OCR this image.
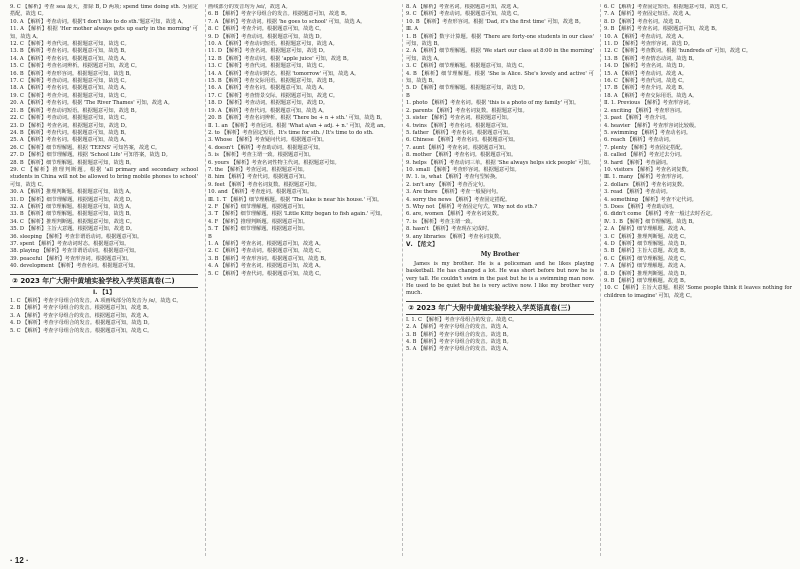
9. C 【解析】考查 sea 最大，排除 B, D 两项; spend time doing sth. 为固定搭配，故选 C。

10. A 【解析】考查动词。根据'I don't like to do sth.'题意可知，故选 A。

11. A 【解析】根据 'Her mother always gets up early in the morning' 可知，故选 A。

12. C 【解析】考查代词。根据题意可知，故选 C。

13. B 【解析】考查名词。根据题意可知，故选 B。

14. A 【解析】考查名词。根据题意可知，故选 A。

15. C 【解析】考查名词辨析。根据题意可知，故选 C。

16. B 【解析】考查形容词。根据题意可知，故选 B。

17. C 【解析】考查动词。根据题意可知，故选 C。

18. A 【解析】考查名词。根据题意可知，故选 A。

19. C 【解析】考查介词。根据题意可知，故选 C。

20. A 【解析】考查名词。根据 'The River Thames' 可知，故选 A。

21. B 【解析】考查动词短语。根据题意可知，故选 B。

22. C 【解析】考查动词。根据题意可知，故选 C。

23. D 【解析】考查名词。根据题意可知，故选 D。

24. B 【解析】考查代词。根据题意可知，故选 B。

25. A 【解析】考查名词。根据题意可知，故选 A。

26. C 【解析】细节理解题。根据 'TEENS' 可知答案，故选 C。

27. D 【解析】细节理解题。根据 'School Life' 可知答案，故选 D。

28. B 【解析】细节理解题。根据题意可知，故选 B。

29. C 【解析】推理判断题。根据 'all primary and secondary school students in China will not be allowed to bring mobile phones to school' 可知，故选 C。

30. A 【解析】推理判断题。根据题意可知，故选 A。

31. D 【解析】细节理解题。根据题意可知，故选 D。

32. A 【解析】细节理解题。根据题意可知，故选 A。

33. B 【解析】细节理解题。根据题意可知，故选 B。

34. C 【解析】推理判断题。根据题意可知，故选 C。

35. D 【解析】主旨大意题。根据题意可知，故选 D。

36. sleeping 【解析】考查非谓语动词。根据题意可知。

37. spent 【解析】考查动词时态。根据题意可知。

38. playing 【解析】考查非谓语动词。根据题意可知。

39. peaceful 【解析】考查形容词。根据题意可知。

40. development 【解析】考查名词。根据题意可知。

② 2023 年广大附中黄埔实验学校入学英语真卷(二)
Ⅰ. 【1】

1. C 【解析】考查字母组合的发音。A 项画线部分的发音为 /e/，故选 C。

2. B 【解析】考查字母组合的发音。根据题意可知，故选 B。

3. A 【解析】考查字母组合的发音。根据题意可知，故选 A。

4. D 【解析】考查字母组合的发音。根据题意可知，故选 D。

5. C 【解析】考查字母组合的发音。根据题意可知，故选 C。

画线部分的发音均为 /ei/，故选 A。

6. B 【解析】考查字母组合的发音。根据题意可知，故选 B。

7. A 【解析】考查动词。根据 'he goes to school' 可知，故选 A。

8. C 【解析】考查介词。根据题意可知，故选 C。

9. D 【解析】考查动词。根据题意可知，故选 D。

10. A 【解析】考查动词短语。根据题意可知，故选 A。

11. D 【解析】考查名词。根据题意可知，故选 D。

12. B 【解析】考查动词。根据 'apple juice' 可知，故选 B。

13. C 【解析】考查代词。根据题意可知，故选 C。

14. A 【解析】考查动词时态。根据 'tomorrow' 可知，故选 A。

15. B 【解析】考查交际用语。根据题意可知，故选 B。

16. A 【解析】考查名词。根据题意可知，故选 A。

17. C 【解析】考查情景交际。根据题意可知，故选 C。

18. D 【解析】考查动词。根据题意可知，故选 D。

19. A 【解析】考查代词。根据题意可知，故选 A。

20. B 【解析】考查名词辨析。根据 'There be + n + sth.' 可知，故选 B。

Ⅱ. 1. an 【解析】考查冠词。根据 'What a/an + adj. + n.' 可知，故选 an。

2. to 【解析】考查固定短语。It's time for sth. / It's time to do sth.

3. Whose 【解析】考查疑问代词。根据题意可知。

4. doesn't 【解析】考查助动词。根据题意可知。

5. is 【解析】考查主谓一致。根据题意可知。

6. yours 【解析】考查名词性物主代词。根据题意可知。

7. the 【解析】考查冠词。根据题意可知。

8. him 【解析】考查代词。根据题意可知。

9. feet 【解析】考查名词复数。根据题意可知。

10. and 【解析】考查连词。根据题意可知。

Ⅲ. 1. T 【解析】细节理解题。根据 'The lake is near his house.' 可知。

2. F 【解析】细节理解题。根据题意可知。

3. T 【解析】细节理解题。根据 'Little Kitty began to fish again.' 可知。

4. F 【解析】推理判断题。根据题意可知。

5. T 【解析】细节理解题。根据题意可知。

B

1. A 【解析】考查名词。根据题意可知，故选 A。

2. C 【解析】考查动词。根据题意可知，故选 C。

3. B 【解析】考查形容词。根据题意可知，故选 B。

4. A 【解析】考查名词。根据题意可知，故选 A。

5. C 【解析】考查代词。根据题意可知，故选 C。

8. A 【解析】考查名词。根据题意可知，故选 A。

9. C 【解析】考查动词。根据题意可知，故选 C。

10. B 【解析】考查形容词。根据 'Dad, it's the first time' 可知，故选 B。

Ⅲ. A

1. B 【解析】数字计算题。根据 'There are forty-one students in our class' 可知，故选 B。

2. A 【解析】细节理解题。根据 'We start our class at 8:00 in the morning' 可知，故选 A。

3. C 【解析】细节理解题。根据题意可知，故选 C。

4. B 【解析】细节理解题。根据 'She is Alice. She's lovely and active' 可知，故选 B。

5. D 【解析】细节理解题。根据题意可知，故选 D。

B

1. photo 【解析】考查名词。根据 'this is a photo of my family' 可知。

2. parents 【解析】考查名词复数。根据题意可知。

3. sister 【解析】考查名词。根据题意可知。

4. twins 【解析】考查名词。根据题意可知。

5. father 【解析】考查名词。根据题意可知。

6. Chinese 【解析】考查名词。根据题意可知。

7. aunt 【解析】考查名词。根据题意可知。

8. mother 【解析】考查名词。根据题意可知。

9. helps 【解析】考查动词三单。根据 'She always helps sick people' 可知。

10. small 【解析】考查形容词。根据题意可知。

Ⅳ. 1. is, what 【解析】考查句型转换。

2. isn't any 【解析】考查否定句。

3. Are there 【解析】考查一般疑问句。

4. sorry the news 【解析】考查固定搭配。

5. Why not 【解析】考查固定句式。Why not do sth.?

6. are, women 【解析】考查名词复数。

7. is 【解析】考查主谓一致。

8. hasn't 【解析】考查现在完成时。

9. any libraries 【解析】考查名词复数。

Ⅴ. 【范文】
My Brother

James is my brother. He is a policeman and he likes playing basketball. He has changed a lot. He was short before but now he is very tall. He couldn't swim in the past but he is a swimming man now. He used to be quiet but he is very active now. I like my brother very much.

② 2023 年广大附中黄埔实验学校入学英语真卷(三)

Ⅰ. 1. C 【解析】考查字母组合的发音。故选 C。

2. A 【解析】考查字母组合的发音。故选 A。

3. B 【解析】考查字母组合的发音。故选 B。

4. B 【解析】考查字母组合的发音。故选 B。

5. A 【解析】考查字母组合的发音。故选 A。

6. C 【解析】考查固定短语。根据题意可知，故选 C。

7. A 【解析】考查固定短语。故选 A。

8. D 【解析】考查名词。故选 D。

9. B 【解析】考查名词。根据题意可知，故选 B。

10. A 【解析】考查动词。故选 A。

11. D 【解析】考查形容词。故选 D。

12. C 【解析】考查数词。根据 'hundreds of' 可知，故选 C。

13. B 【解析】考查情态动词。故选 B。

14. D 【解析】考查名词。故选 D。

15. A 【解析】考查动词。故选 A。

16. C 【解析】考查代词。故选 C。

17. B 【解析】考查介词。故选 B。

18. A 【解析】考查交际用语。故选 A。

Ⅱ. 1. Previous 【解析】考查形容词。

2. exciting 【解析】考查形容词。

3. past 【解析】考查介词。

4. heavier 【解析】考查形容词比较级。

5. swimming 【解析】考查动名词。

6. reach 【解析】考查动词。

7. plenty 【解析】考查固定搭配。

8. called 【解析】考查过去分词。

9. hard 【解析】考查副词。

10. visitors 【解析】考查名词复数。

Ⅲ. 1. many 【解析】考查形容词。

2. dollars 【解析】考查名词复数。

3. read 【解析】考查动词。

4. something 【解析】考查不定代词。

5. Does 【解析】考查助动词。

6. didn't come 【解析】考查一般过去时否定。

Ⅳ. 1. B 【解析】细节理解题。故选 B。

2. A 【解析】细节理解题。故选 A。

3. C 【解析】推理判断题。故选 C。

4. D 【解析】细节理解题。故选 D。

5. B 【解析】主旨大意题。故选 B。

6. C 【解析】细节理解题。故选 C。

7. A 【解析】细节理解题。故选 A。

8. D 【解析】推理判断题。故选 D。

9. B 【解析】细节理解题。故选 B。

10. C 【解析】主旨大意题。根据 'Some people think it leaves nothing for children to imagine' 可知，故选 C。

· 12 ·
